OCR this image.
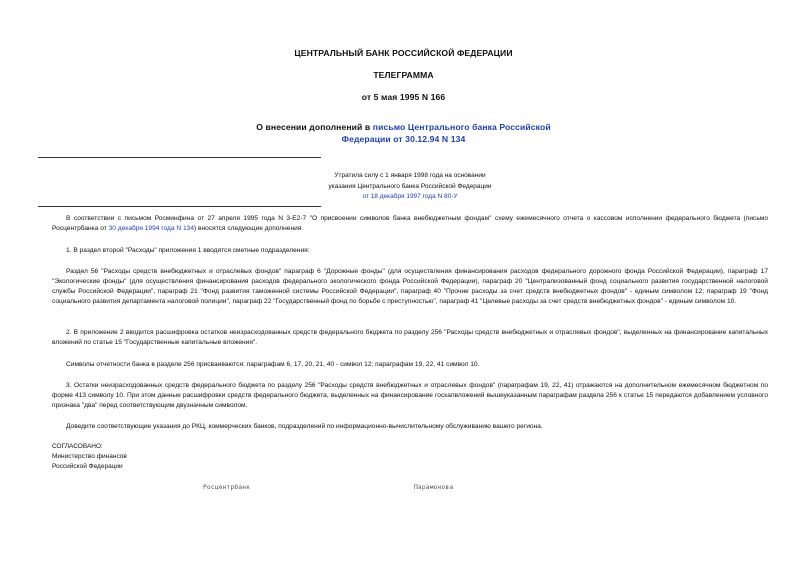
ЦЕНТРАЛЬНЫЙ БАНК РОССИЙСКОЙ ФЕДЕРАЦИИ
ТЕЛЕГРАММА
от 5 мая 1995 N 166
О внесении дополнений в письмо Центрального банка Российской Федерации от 30.12.94 N 134
Утратила силу с 1 января 1998 года на основании
указания Центрального банка Российской Федерации
от 18 декабря 1997 года N 80-У
В соответствии с письмом Росминфина от 27 апреля 1995 года N 3-Е2-7 "О присвоении символов банка внебюджетным фондам" схему ежемесячного отчета о кассовом исполнении федерального бюджета (письмо Росцентрбанка от 30 декабря 1994 года N 134) вносятся следующие дополнения.
1. В раздел второй "Расходы" приложения 1 вводятся сметные подразделения:
Раздел 56 "Расходы средств внебюджетных и отраслевых фондов" параграф 6 "Дорожные фонды" (для осуществления финансирования расходов федерального дорожного фонда Российской Федерации), параграф 17 "Экологические фонды" (для осуществления финансирования расходов федерального экологического фонда Российской Федерации), параграф 20 "Централизованный фонд социального развития государственной налоговой службы Российской Федерации", параграф 21 "Фонд развития таможенной системы Российской Федерации", параграф 40 "Прочие расходы за счет средств внебюджетных фондов" - единым символом 12; параграф 19 "Фонд социального развития департамента налоговой полиции", параграф 22 "Государственный фонд по борьбе с преступностью", параграф 41 "Целевые расходы за счет средств внебюджетных фондов" - единым символом 10.
2. В приложение 2 вводится расшифровка остатков неизрасходованных средств федерального бюджета по разделу 256 "Расходы средств внебюджетных и отраслевых фондов", выделенных на финансирование капитальных вложений по статье 15 "Государственные капитальные вложения".
Символы отчетности банка в разделе 256 присваиваются: параграфам 6, 17, 20, 21, 40 - символ 12; параграфам 19, 22, 41 символ 10.
3. Остатки неизрасходованных средств федерального бюджета по разделу 256 "Расходы средств внебюджетных и отраслевых фондов" (параграфам 19, 22, 41) отражаются на дополнительном ежемесячном бюджетном по форме 413 символу 10. При этом данные расшифровки средств федерального бюджета, выделенных на финансирование госкапвложений вышеуказанным параграфам раздела 256 к статье 15 передаются добавлением условного признака "два" перед соответствующим двузначным символом.
Доведите соответствующие указания до РКЦ, коммерческих банков, подразделений по информационно-вычислительному обслуживанию вашего региона.
СОГЛАСОВАНО:
Министерство финансов
Российской Федерации
Росцентрбанк	Парамонова
